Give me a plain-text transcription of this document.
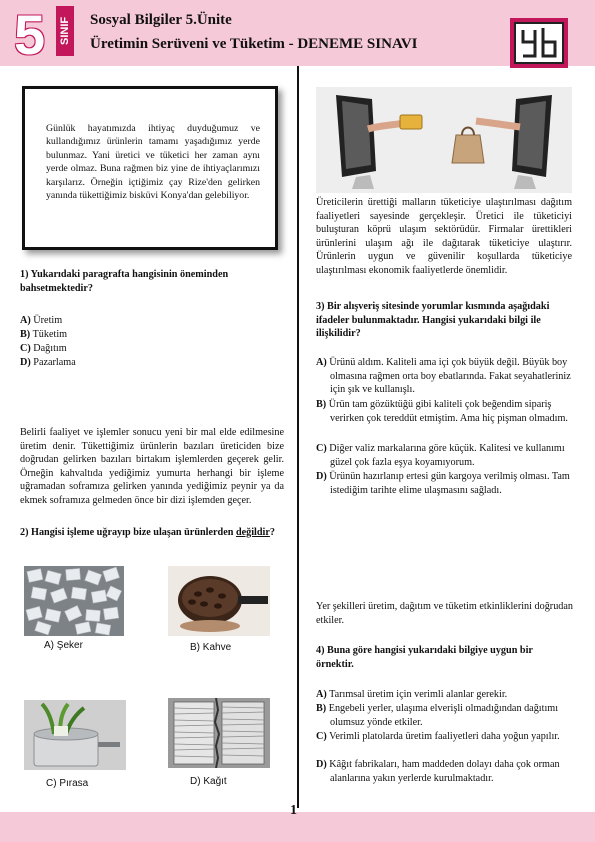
5 SINIF Sosyal Bilgiler 5.Ünite
Üretimin Serüveni ve Tüketim - DENEME SINAVI
Günlük hayatımızda ihtiyaç duyduğumuz ve kullandığımız ürünlerin tamamı yaşadığımız yerde bulunmaz. Yani üretici ve tüketici her zaman aynı yerde olmaz. Buna rağmen biz yine de ihtiyaçlarımızı karşılarız. Örneğin içtiğimiz çay Rize'den gelirken yanında tükettiğimiz bisküvi Konya'dan gelebiliyor.
1) Yukarıdaki paragrafta hangisinin öneminden bahsetmektedir?
A) Üretim
B) Tüketim
C) Dağıtım
D) Pazarlama
Belirli faaliyet ve işlemler sonucu yeni bir mal elde edilmesine üretim denir. Tükettiğimiz ürünlerin bazıları üreticiden bize doğrudan gelirken bazıları birtakım işlemlerden geçerek gelir. Örneğin kahvaltıda yediğimiz yumurta herhangi bir işleme uğramadan soframıza gelirken yanında yediğimiz peynir ya da ekmek soframıza gelmeden önce bir dizi işlemden geçer.
2) Hangisi işleme uğrayıp bize ulaşan ürünlerden değildir?
A) Şeker	B) Kahve
C) Pırasa	D) Kağıt
Üreticilerin ürettiği malların tüketiciye ulaştırılması dağıtım faaliyetleri sayesinde gerçekleşir. Üretici ile tüketiciyi buluşturan köprü ulaşım sektörüdür. Firmalar ürettikleri ürünlerini ulaşım ağı ile dağıtarak tüketiciye ulaştırır. Ürünlerin uygun ve güvenilir koşullarda tüketiciye ulaştırılması ekonomik faaliyetlerde önemlidir.
3) Bir alışveriş sitesinde yorumlar kısmında aşağıdaki ifadeler bulunmaktadır. Hangisi yukarıdaki bilgi ile ilişkilidir?
A) Ürünü aldım. Kaliteli ama içi çok büyük değil. Büyük boy olmasına rağmen orta boy ebatlarında. Fakat seyahatleriniz için şık ve kullanışlı.
B) Ürün tam gözüktüğü gibi kaliteli çok beğendim sipariş verirken çok tereddüt etmiştim. Ama hiç pişman olmadım.
C) Diğer valiz markalarına göre küçük. Kalitesi ve kullanımı güzel çok fazla eşya koyamıyorum.
D) Ürünün hazırlanıp ertesi gün kargoya verilmiş olması. Tam istediğim tarihte elime ulaşmasını sağladı.
Yer şekilleri üretim, dağıtım ve tüketim etkinliklerini doğrudan etkiler.
4) Buna göre hangisi yukarıdaki bilgiye uygun bir örnektir.
A) Tarımsal üretim için verimli alanlar gerekir.
B) Engebeli yerler, ulaşıma elverişli olmadığından dağıtımı olumsuz yönde etkiler.
C) Verimli platolarda üretim faaliyetleri daha yoğun yapılır.
D) Kâğıt fabrikaları, ham maddeden dolayı daha çok orman alanlarına yakın yerlerde kurulmaktadır.
1
